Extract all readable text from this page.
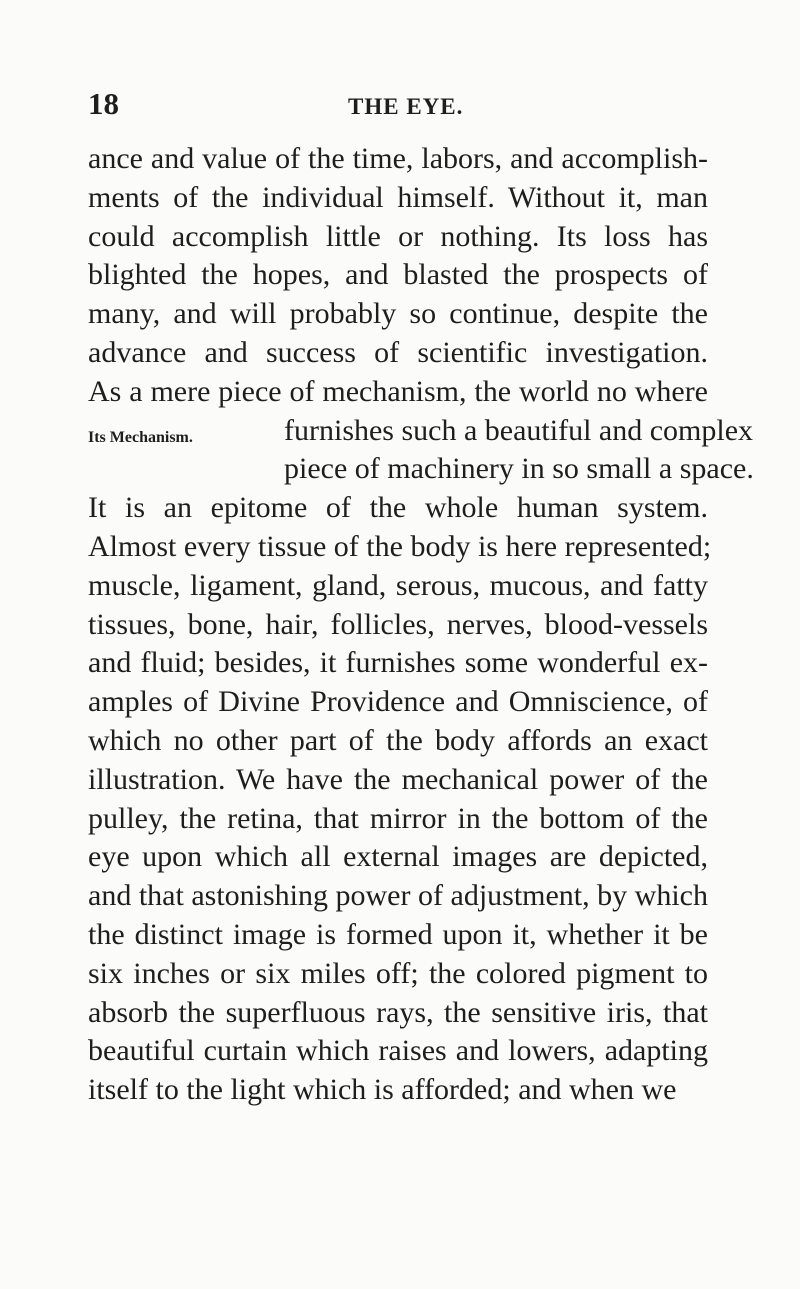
18	THE EYE.
Its Mechanism.
ance and value of the time, labors, and accomplish-
ments of the individual himself. Without it, man
could accomplish little or nothing. Its loss has
blighted the hopes, and blasted the prospects of
many, and will probably so continue, despite the
advance and success of scientific investigation.
As a mere piece of mechanism, the world no where
furnishes such a beautiful and complex
piece of machinery in so small a space.
It is an epitome of the whole human system.
Almost every tissue of the body is here represented;
muscle, ligament, gland, serous, mucous, and fatty
tissues, bone, hair, follicles, nerves, blood-vessels
and fluid; besides, it furnishes some wonderful ex-
amples of Divine Providence and Omniscience, of
which no other part of the body affords an exact
illustration. We have the mechanical power of the
pulley, the retina, that mirror in the bottom of the
eye upon which all external images are depicted,
and that astonishing power of adjustment, by which
the distinct image is formed upon it, whether it be
six inches or six miles off; the colored pigment to
absorb the superfluous rays, the sensitive iris, that
beautiful curtain which raises and lowers, adapting
itself to the light which is afforded; and when we
